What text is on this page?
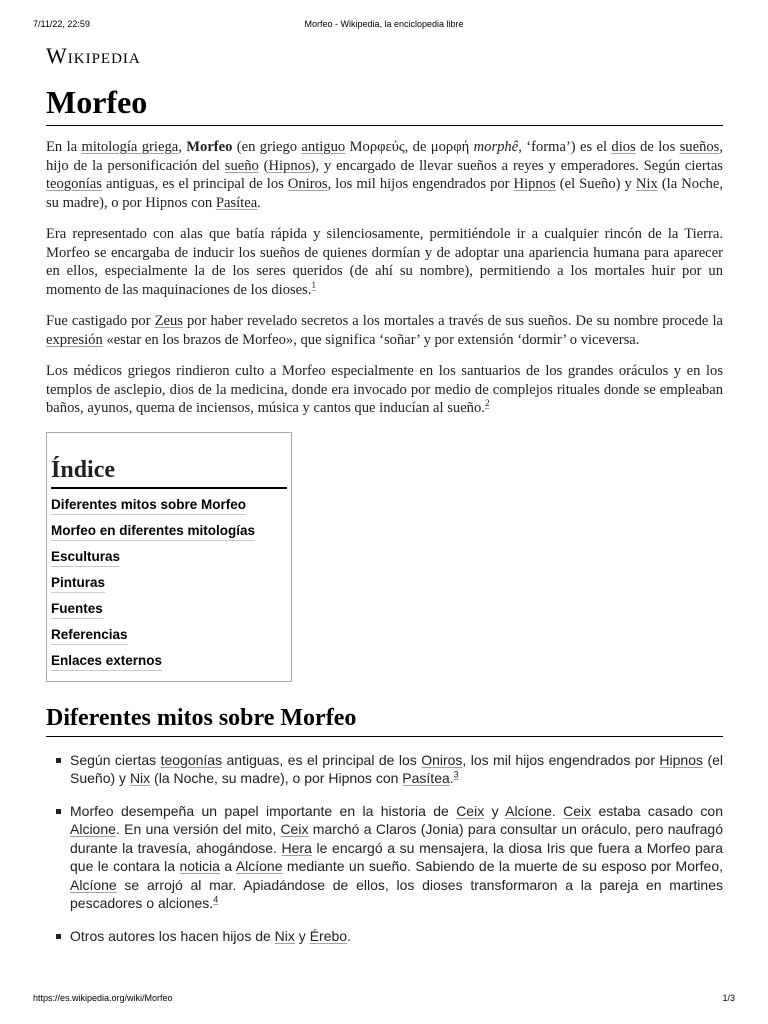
7/11/22, 22:59	Morfeo - Wikipedia, la enciclopedia libre
Wikipedia
Morfeo

En la mitología griega, Morfeo (en griego antiguo Μορφεύς, de μορφή morphê, ‘forma’) es el dios de los sueños, hijo de la personificación del sueño (Hipnos), y encargado de llevar sueños a reyes y emperadores. Según ciertas teogonías antiguas, es el principal de los Oniros, los mil hijos engendrados por Hipnos (el Sueño) y Nix (la Noche, su madre), o por Hipnos con Pasítea.

Era representado con alas que batía rápida y silenciosamente, permitiéndole ir a cualquier rincón de la Tierra. Morfeo se encargaba de inducir los sueños de quienes dormían y de adoptar una apariencia humana para aparecer en ellos, especialmente la de los seres queridos (de ahí su nombre), permitiendo a los mortales huir por un momento de las maquinaciones de los dioses.$^1$

Fue castigado por Zeus por haber revelado secretos a los mortales a través de sus sueños. De su nombre procede la expresión «estar en los brazos de Morfeo», que significa ‘soñar’ y por extensión ‘dormir’ o viceversa.

Los médicos griegos rindieron culto a Morfeo especialmente en los santuarios de los grandes oráculos y en los templos de asclepio, dios de la medicina, donde era invocado por medio de complejos rituales donde se empleaban baños, ayunos, quema de inciensos, música y cantos que inducían al sueño.$^2$

Índice
Diferentes mitos sobre Morfeo
Morfeo en diferentes mitologías
Esculturas
Pinturas
Fuentes
Referencias
Enlaces externos
Diferentes mitos sobre Morfeo
Según ciertas teogonías antiguas, es el principal de los Oniros, los mil hijos engendrados por Hipnos (el Sueño) y Nix (la Noche, su madre), o por Hipnos con Pasítea.$^3$
Morfeo desempeña un papel importante en la historia de Ceix y Alcíone. Ceix estaba casado con Alcione. En una versión del mito, Ceix marchó a Claros (Jonia) para consultar un oráculo, pero naufragó durante la travesía, ahogándose. Hera le encargó a su mensajera, la diosa Iris que fuera a Morfeo para que le contara la noticia a Alcíone mediante un sueño. Sabiendo de la muerte de su esposo por Morfeo, Alcíone se arrojó al mar. Apiadándose de ellos, los dioses transformaron a la pareja en martines pescadores o alciones.$^4$
Otros autores los hacen hijos de Nix y Érebo.
https://es.wikipedia.org/wiki/Morfeo	1/3
